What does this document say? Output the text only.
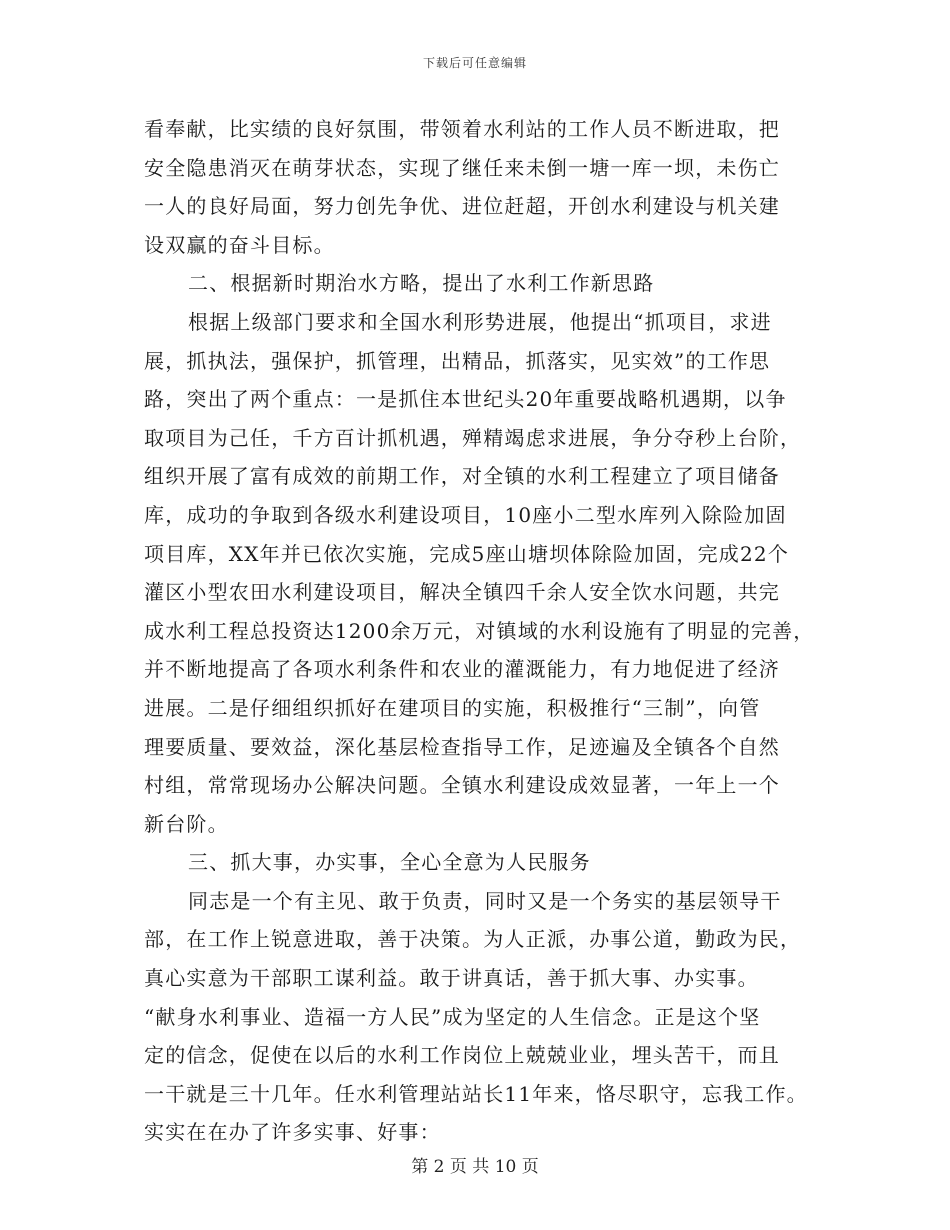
下载后可任意编辑
看奉献，比实绩的良好氛围，带领着水利站的工作人员不断进取，把
安全隐患消灭在萌芽状态，实现了继任来未倒一塘一库一坝，未伤亡
一人的良好局面，努力创先争优、进位赶超，开创水利建设与机关建
设双赢的奋斗目标。
二、根据新时期治水方略，提出了水利工作新思路
根据上级部门要求和全国水利形势进展，他提出“抓项目，求进
展，抓执法，强保护，抓管理，出精品，抓落实，见实效”的工作思
路，突出了两个重点：一是抓住本世纪头20年重要战略机遇期，以争
取项目为己任，千方百计抓机遇，殚精竭虑求进展，争分夺秒上台阶，
组织开展了富有成效的前期工作，对全镇的水利工程建立了项目储备
库，成功的争取到各级水利建设项目，10座小二型水库列入除险加固
项目库，XX年并已依次实施，完成5座山塘坝体除险加固，完成22个
灌区小型农田水利建设项目，解决全镇四千余人安全饮水问题，共完
成水利工程总投资达1200余万元，对镇域的水利设施有了明显的完善，
并不断地提高了各项水利条件和农业的灌溉能力，有力地促进了经济
进展。二是仔细组织抓好在建项目的实施，积极推行“三制”，向管
理要质量、要效益，深化基层检查指导工作，足迹遍及全镇各个自然
村组，常常现场办公解决问题。全镇水利建设成效显著，一年上一个
新台阶。
三、抓大事，办实事，全心全意为人民服务
同志是一个有主见、敢于负责，同时又是一个务实的基层领导干
部，在工作上锐意进取，善于决策。为人正派，办事公道，勤政为民，
真心实意为干部职工谋利益。敢于讲真话，善于抓大事、办实事。
“献身水利事业、造福一方人民”成为坚定的人生信念。正是这个坚
定的信念，促使在以后的水利工作岗位上兢兢业业，埋头苦干，而且
一干就是三十几年。任水利管理站站长11年来，恪尽职守，忘我工作。
实实在在办了许多实事、好事：
第 2 页 共 10 页
